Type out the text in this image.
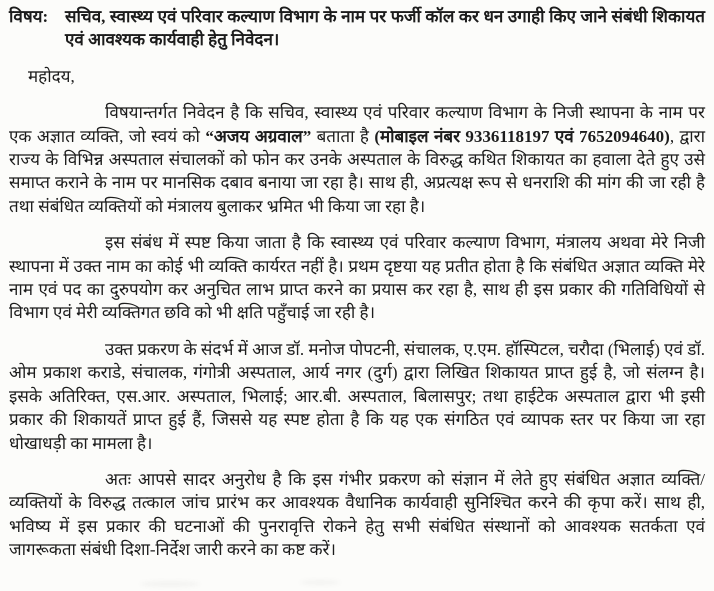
विषय: सचिव, स्वास्थ्य एवं परिवार कल्याण विभाग के नाम पर फर्जी कॉल कर धन उगाही किए जाने संबंधी शिकायत एवं आवश्यक कार्यवाही हेतु निवेदन।
महोदय,

विषयान्तर्गत निवेदन है कि सचिव, स्वास्थ्य एवं परिवार कल्याण विभाग के निजी स्थापना के नाम पर एक अज्ञात व्यक्ति, जो स्वयं को “अजय अग्रवाल” बताता है (मोबाइल नंबर 9336118197 एवं 7652094640), द्वारा राज्य के विभिन्न अस्पताल संचालकों को फोन कर उनके अस्पताल के विरुद्ध कथित शिकायत का हवाला देते हुए उसे समाप्त कराने के नाम पर मानसिक दबाव बनाया जा रहा है। साथ ही, अप्रत्यक्ष रूप से धनराशि की मांग की जा रही है तथा संबंधित व्यक्तियों को मंत्रालय बुलाकर भ्रमित भी किया जा रहा है।

इस संबंध में स्पष्ट किया जाता है कि स्वास्थ्य एवं परिवार कल्याण विभाग, मंत्रालय अथवा मेरे निजी स्थापना में उक्त नाम का कोई भी व्यक्ति कार्यरत नहीं है। प्रथम दृष्टया यह प्रतीत होता है कि संबंधित अज्ञात व्यक्ति मेरे नाम एवं पद का दुरुपयोग कर अनुचित लाभ प्राप्त करने का प्रयास कर रहा है, साथ ही इस प्रकार की गतिविधियों से विभाग एवं मेरी व्यक्तिगत छवि को भी क्षति पहुँचाई जा रही है।

उक्त प्रकरण के संदर्भ में आज डॉ. मनोज पोपटनी, संचालक, ए.एम. हॉस्पिटल, चरौदा (भिलाई) एवं डॉ. ओम प्रकाश कराडे, संचालक, गंगोत्री अस्पताल, आर्य नगर (दुर्ग) द्वारा लिखित शिकायत प्राप्त हुई है, जो संलग्न है। इसके अतिरिक्त, एस.आर. अस्पताल, भिलाई; आर.बी. अस्पताल, बिलासपुर; तथा हाईटेक अस्पताल द्वारा भी इसी प्रकार की शिकायतें प्राप्त हुई हैं, जिससे यह स्पष्ट होता है कि यह एक संगठित एवं व्यापक स्तर पर किया जा रहा धोखाधड़ी का मामला है।

अतः आपसे सादर अनुरोध है कि इस गंभीर प्रकरण को संज्ञान में लेते हुए संबंधित अज्ञात व्यक्ति/व्यक्तियों के विरुद्ध तत्काल जांच प्रारंभ कर आवश्यक वैधानिक कार्यवाही सुनिश्चित करने की कृपा करें। साथ ही, भविष्य में इस प्रकार की घटनाओं की पुनरावृत्ति रोकने हेतु सभी संबंधित संस्थानों को आवश्यक सतर्कता एवं जागरूकता संबंधी दिशा-निर्देश जारी करने का कष्ट करें।
